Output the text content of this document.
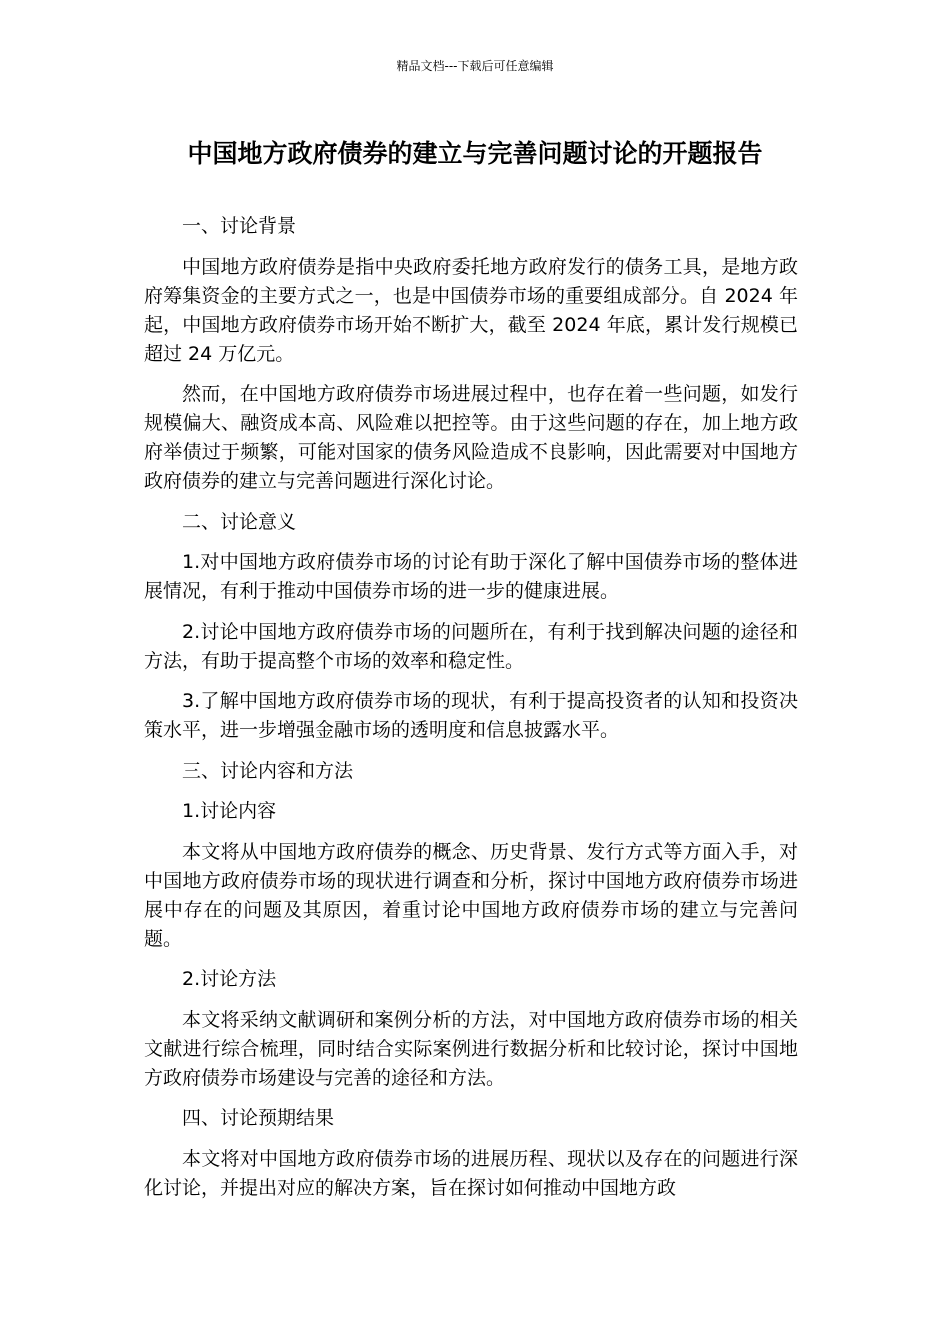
精品文档---下载后可任意编辑
中国地方政府债券的建立与完善问题讨论的开题报告

一、讨论背景

中国地方政府债券是指中央政府委托地方政府发行的债务工具，是地方政府筹集资金的主要方式之一，也是中国债券市场的重要组成部分。自 2024 年起，中国地方政府债券市场开始不断扩大，截至 2024 年底，累计发行规模已超过 24 万亿元。

然而，在中国地方政府债券市场进展过程中，也存在着一些问题，如发行规模偏大、融资成本高、风险难以把控等。由于这些问题的存在，加上地方政府举债过于频繁，可能对国家的债务风险造成不良影响，因此需要对中国地方政府债券的建立与完善问题进行深化讨论。

二、讨论意义

1.对中国地方政府债券市场的讨论有助于深化了解中国债券市场的整体进展情况，有利于推动中国债券市场的进一步的健康进展。

2.讨论中国地方政府债券市场的问题所在，有利于找到解决问题的途径和方法，有助于提高整个市场的效率和稳定性。

3.了解中国地方政府债券市场的现状，有利于提高投资者的认知和投资决策水平，进一步增强金融市场的透明度和信息披露水平。

三、讨论内容和方法

1.讨论内容

本文将从中国地方政府债券的概念、历史背景、发行方式等方面入手，对中国地方政府债券市场的现状进行调查和分析，探讨中国地方政府债券市场进展中存在的问题及其原因，着重讨论中国地方政府债券市场的建立与完善问题。

2.讨论方法

本文将采纳文献调研和案例分析的方法，对中国地方政府债券市场的相关文献进行综合梳理，同时结合实际案例进行数据分析和比较讨论，探讨中国地方政府债券市场建设与完善的途径和方法。

四、讨论预期结果

本文将对中国地方政府债券市场的进展历程、现状以及存在的问题进行深化讨论，并提出对应的解决方案，旨在探讨如何推动中国地方政
